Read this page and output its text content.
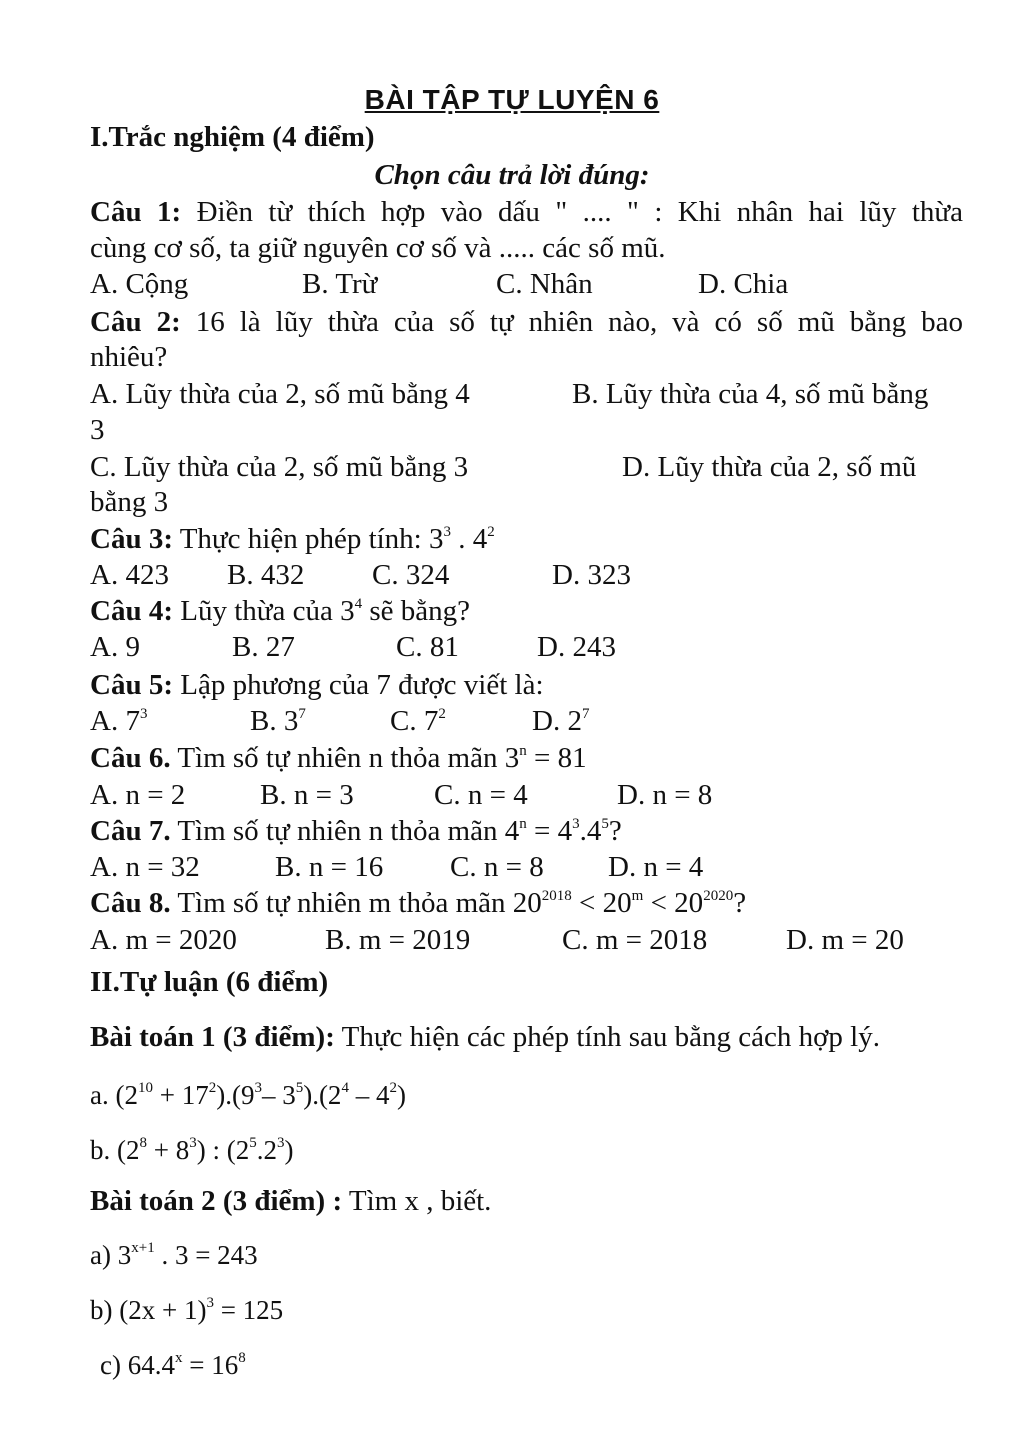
BÀI TẬP TỰ LUYỆN 6
I.Trắc nghiệm (4 điểm)
Chọn câu trả lời đúng:
Câu 1: Điền từ thích hợp vào dấu " .... " : Khi nhân hai lũy thừa
cùng cơ số, ta giữ nguyên cơ số và ..... các số mũ.
A. Cộng	B. Trừ	C. Nhân	D. Chia
Câu 2: 16 là lũy thừa của số tự nhiên nào, và có số mũ bằng bao
nhiêu?
A. Lũy thừa của 2, số mũ bằng 4	B. Lũy thừa của 4, số mũ bằng
3
C. Lũy thừa của 2, số mũ bằng 3	D. Lũy thừa của 2, số mũ
bằng 3
Câu 3: Thực hiện phép tính: $3^3$ . $4^2$
A. 423 B. 432 C. 324	D. 323
Câu 4: Lũy thừa của $3^4$ sẽ bằng?
A. 9	B. 27	C. 81	D. 243
Câu 5: Lập phương của 7 được viết là:
A. $7^3$	B. $3^7$	C. $7^2$	D. $2^7$
Câu 6. Tìm số tự nhiên n thỏa mãn $3^n = 81$
A. n = 2	B. n = 3	C. n = 4	D. n = 8
Câu 7. Tìm số tự nhiên n thỏa mãn $4^n = 4^3.4^5$?
A. n = 32	B. n = 16 C. n = 8 D. n = 4
Câu 8. Tìm số tự nhiên m thỏa mãn $20^{2018} < 20^m < 20^{2020}$?
A. m = 2020	B. m = 2019	C. m = 2018	D. m = 20
II.Tự luận (6 điểm)
Bài toán 1 (3 điểm): Thực hiện các phép tính sau bằng cách hợp lý.
a. $(2^{10} + 17^2).(9^3-$ $3^5).(2^4 - 4^2)$
b. $(2^8 + 8^3)$ : $(2^5.2^3)$
Bài toán 2 (3 điểm) : Tìm x , biết.
a) $3^{x+1}$ . 3 = 243
b) $(2x + 1)^3 = 125$
c) $64.4^x = 16^8$
